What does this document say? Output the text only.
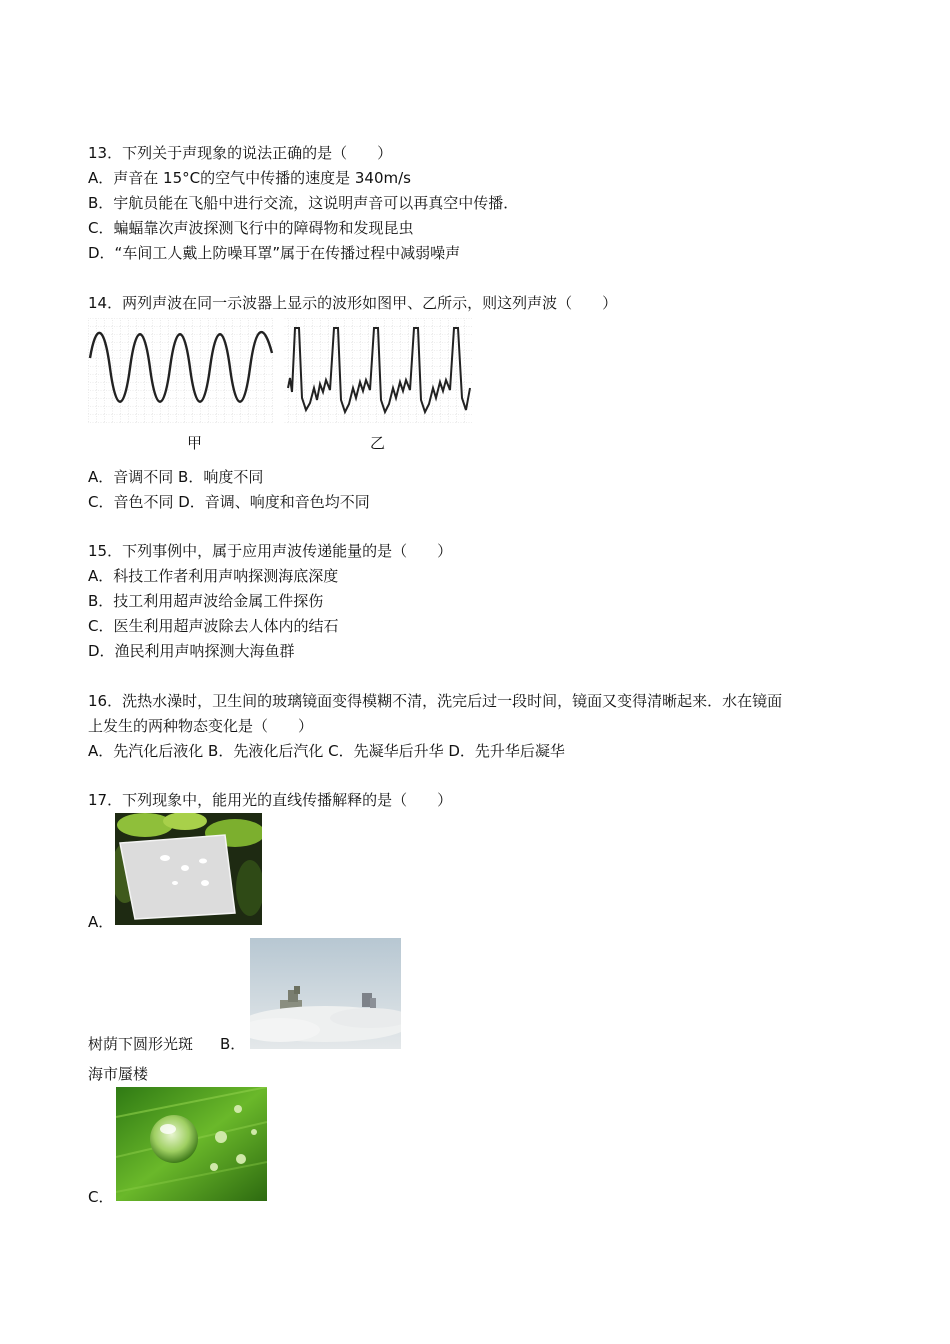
13．下列关于声现象的说法正确的是（　　）
A．声音在 15°C的空气中传播的速度是 340m/s
B．宇航员能在飞船中进行交流，这说明声音可以再真空中传播．
C．蝙蝠靠次声波探测飞行中的障碍物和发现昆虫
D．“车间工人戴上防噪耳罩”属于在传播过程中减弱噪声
14．两列声波在同一示波器上显示的波形如图甲、乙所示，则这列声波（　　）
甲	乙
A．音调不同 B．响度不同
C．音色不同 D．音调、响度和音色均不同
15．下列事例中，属于应用声波传递能量的是（　　）
A．科技工作者利用声呐探测海底深度
B．技工利用超声波给金属工件探伤
C．医生利用超声波除去人体内的结石
D．渔民利用声呐探测大海鱼群
16．洗热水澡时，卫生间的玻璃镜面变得模糊不清，洗完后过一段时间，镜面又变得清晰起来．水在镜面
上发生的两种物态变化是（　　）
A．先汽化后液化 B．先液化后汽化 C．先凝华后升华 D．先升华后凝华
17．下列现象中，能用光的直线传播解释的是（　　）
A．
树荫下圆形光斑 B．
海市蜃楼
C．
